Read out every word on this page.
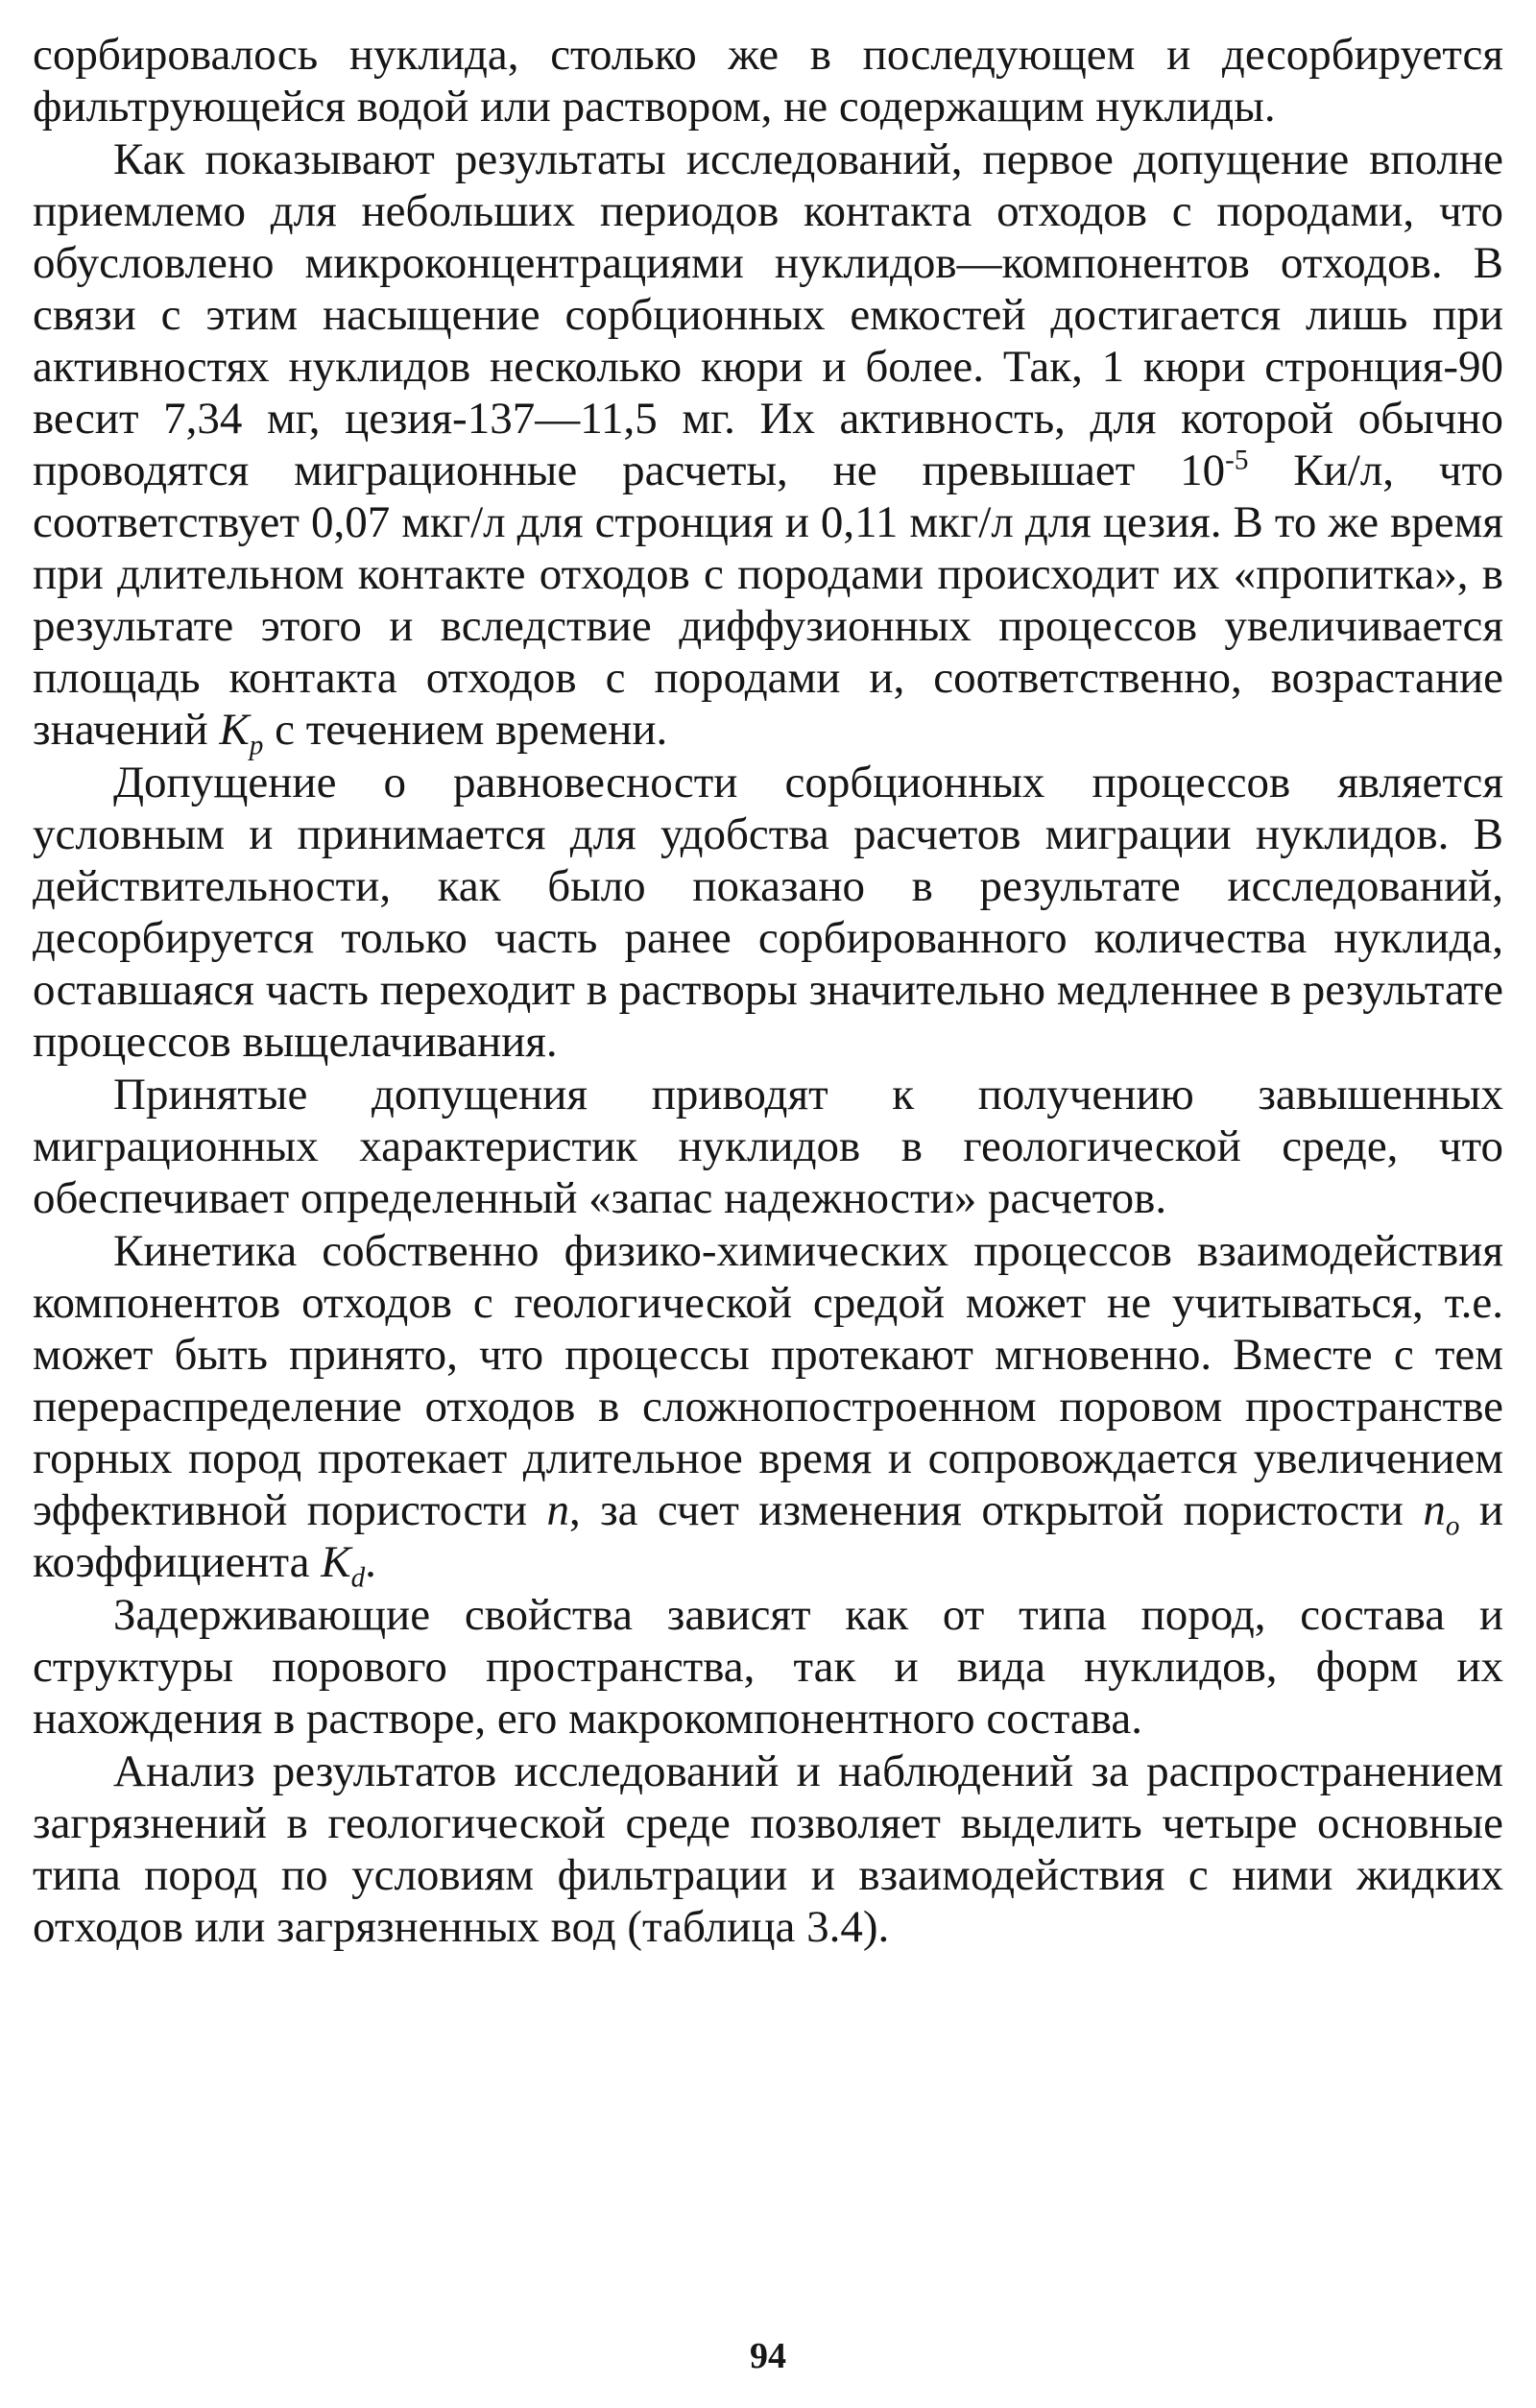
сорбировалось нуклида, столько же в последующем и десорбируется фильтрующейся водой или раствором, не содержащим нуклиды.

Как показывают результаты исследований, первое допущение вполне приемлемо для небольших периодов контакта отходов с породами, что обусловлено микроконцентрациями нуклидов—компонентов отходов. В связи с этим насыщение сорбционных емкостей достигается лишь при активностях нуклидов несколько кюри и более. Так, 1 кюри стронция-90 весит 7,34 мг, цезия-137—11,5 мг. Их активность, для которой обычно проводятся миграционные расчеты, не превышает $10^{-5}$ Ки/л, что соответствует 0,07 мкг/л для стронция и 0,11 мкг/л для цезия. В то же время при длительном контакте отходов с породами происходит их «пропитка», в результате этого и вследствие диффузионных процессов увеличивается площадь контакта отходов с породами и, соответственно, возрастание значений $K_p$ с течением времени.

Допущение о равновесности сорбционных процессов является условным и принимается для удобства расчетов миграции нуклидов. В действительности, как было показано в результате исследований, десорбируется только часть ранее сорбированного количества нуклида, оставшаяся часть переходит в растворы значительно медленнее в результате процессов выщелачивания.

Принятые допущения приводят к получению завышенных миграционных характеристик нуклидов в геологической среде, что обеспечивает определенный «запас надежности» расчетов.

Кинетика собственно физико-химических процессов взаимодействия компонентов отходов с геологической средой может не учитываться, т.е. может быть принято, что процессы протекают мгновенно. Вместе с тем перераспределение отходов в сложнопостроенном поровом пространстве горных пород протекает длительное время и сопровождается увеличением эффективной пористости n, за счет изменения открытой пористости $n_o$ и коэффициента $K_d$.

Задерживающие свойства зависят как от типа пород, состава и структуры порового пространства, так и вида нуклидов, форм их нахождения в растворе, его макрокомпонентного состава.

Анализ результатов исследований и наблюдений за распространением загрязнений в геологической среде позволяет выделить четыре основные типа пород по условиям фильтрации и взаимодействия с ними жидких отходов или загрязненных вод (таблица 3.4).

94
